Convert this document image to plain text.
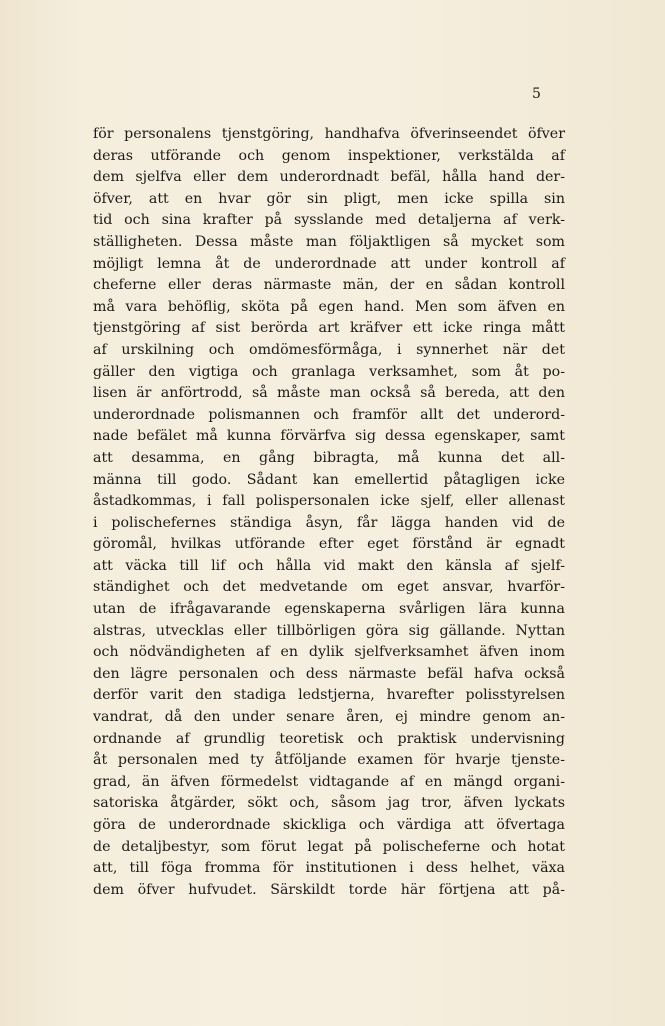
5
för personalens tjenstgöring, handhafva öfverinseendet öfver
deras utförande och genom inspektioner, verkstälda af
dem sjelfva eller dem underordnadt befäl, hålla hand der-
öfver, att en hvar gör sin pligt, men icke spilla sin
tid och sina krafter på sysslande med detaljerna af verk-
ställigheten. Dessa måste man följaktligen så mycket som
möjligt lemna åt de underordnade att under kontroll af
cheferne eller deras närmaste män, der en sådan kontroll
må vara behöflig, sköta på egen hand. Men som äfven en
tjenstgöring af sist berörda art kräfver ett icke ringa mått
af urskilning och omdömesförmåga, i synnerhet när det
gäller den vigtiga och granlaga verksamhet, som åt po-
lisen är anförtrodd, så måste man också så bereda, att den
underordnade polismannen och framför allt det underord-
nade befälet må kunna förvärfva sig dessa egenskaper, samt
att desamma, en gång bibragta, må kunna det all-
männa till godo. Sådant kan emellertid påtagligen icke
åstadkommas, i fall polispersonalen icke sjelf, eller allenast
i polischefernes ständiga åsyn, får lägga handen vid de
göromål, hvilkas utförande efter eget förstånd är egnadt
att väcka till lif och hålla vid makt den känsla af sjelf-
ständighet och det medvetande om eget ansvar, hvarför-
utan de ifrågavarande egenskaperna svårligen lära kunna
alstras, utvecklas eller tillbörligen göra sig gällande. Nyttan
och nödvändigheten af en dylik sjelfverksamhet äfven inom
den lägre personalen och dess närmaste befäl hafva också
derför varit den stadiga ledstjerna, hvarefter polisstyrelsen
vandrat, då den under senare åren, ej mindre genom an-
ordnande af grundlig teoretisk och praktisk undervisning
åt personalen med ty åtföljande examen för hvarje tjenste-
grad, än äfven förmedelst vidtagande af en mängd organi-
satoriska åtgärder, sökt och, såsom jag tror, äfven lyckats
göra de underordnade skickliga och värdiga att öfvertaga
de detaljbestyr, som förut legat på polischeferne och hotat
att, till föga fromma för institutionen i dess helhet, växa
dem öfver hufvudet. Särskildt torde här förtjena att på-
